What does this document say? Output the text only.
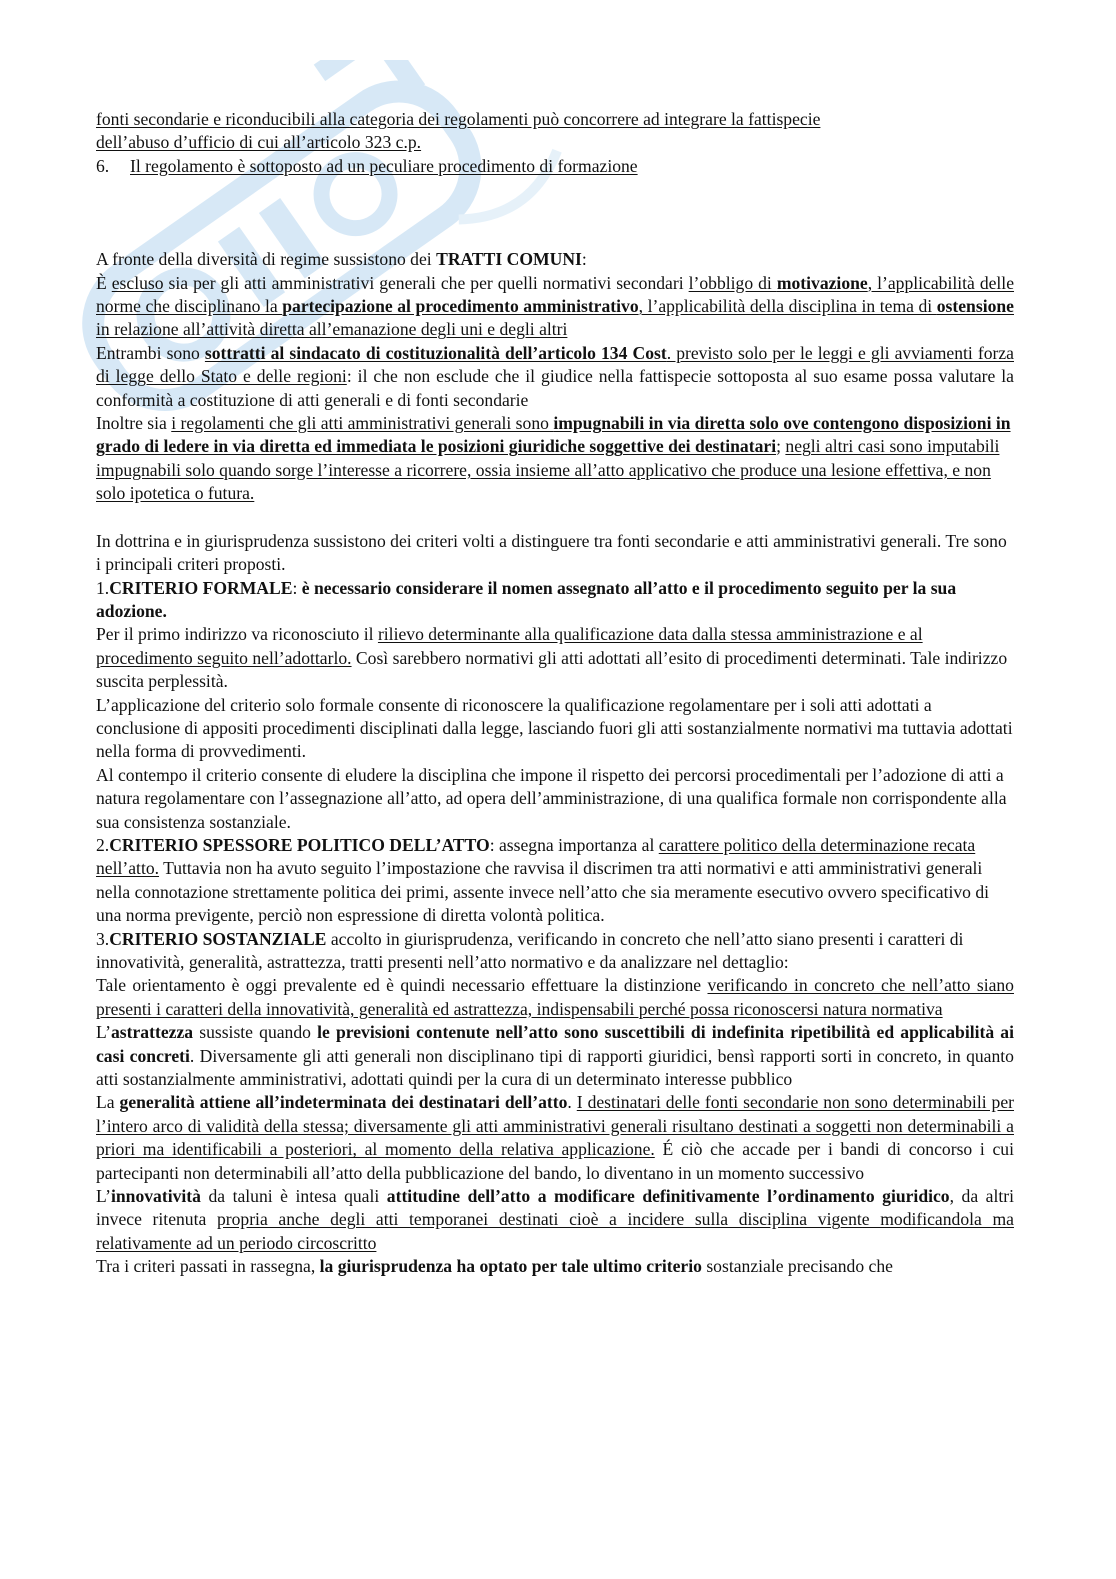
fonti secondarie e riconducibili alla categoria dei regolamenti può concorrere ad integrare la fattispecie

dell’abuso d’ufficio di cui all’articolo 323 c.p.

6. Il regolamento è sottoposto ad un peculiare procedimento di formazione

A fronte della diversità di regime sussistono dei TRATTI COMUNI:

È escluso sia per gli atti amministrativi generali che per quelli normativi secondari l’obbligo di motivazione, l’applicabilità delle norme che disciplinano la partecipazione al procedimento amministrativo, l’applicabilità della disciplina in tema di ostensione in relazione all’attività diretta all’emanazione degli uni e degli altri

Entrambi sono sottratti al sindacato di costituzionalità dell’articolo 134 Cost. previsto solo per le leggi e gli avviamenti forza di legge dello Stato e delle regioni: il che non esclude che il giudice nella fattispecie sottoposta al suo esame possa valutare la conformità a costituzione di atti generali e di fonti secondarie

Inoltre sia i regolamenti che gli atti amministrativi generali sono impugnabili in via diretta solo ove contengono disposizioni in grado di ledere in via diretta ed immediata le posizioni giuridiche soggettive dei destinatari; negli altri casi sono imputabili impugnabili solo quando sorge l’interesse a ricorrere, ossia insieme all’atto applicativo che produce una lesione effettiva, e non solo ipotetica o futura.

In dottrina e in giurisprudenza sussistono dei criteri volti a distinguere tra fonti secondarie e atti amministrativi generali. Tre sono i principali criteri proposti.

1.CRITERIO FORMALE: è necessario considerare il nomen assegnato all’atto e il procedimento seguito per la sua adozione.

Per il primo indirizzo va riconosciuto il rilievo determinante alla qualificazione data dalla stessa amministrazione e al procedimento seguito nell’adottarlo. Così sarebbero normativi gli atti adottati all’esito di procedimenti determinati. Tale indirizzo suscita perplessità.

L’applicazione del criterio solo formale consente di riconoscere la qualificazione regolamentare per i soli atti adottati a conclusione di appositi procedimenti disciplinati dalla legge, lasciando fuori gli atti sostanzialmente normativi ma tuttavia adottati nella forma di provvedimenti.

Al contempo il criterio consente di eludere la disciplina che impone il rispetto dei percorsi procedimentali per l’adozione di atti a natura regolamentare con l’assegnazione all’atto, ad opera dell’amministrazione, di una qualifica formale non corrispondente alla sua consistenza sostanziale.

2.CRITERIO SPESSORE POLITICO DELL’ATTO: assegna importanza al carattere politico della determinazione recata nell’atto. Tuttavia non ha avuto seguito l’impostazione che ravvisa il discrimen tra atti normativi e atti amministrativi generali nella connotazione strettamente politica dei primi, assente invece nell’atto che sia meramente esecutivo ovvero specificativo di una norma previgente, perciò non espressione di diretta volontà politica.

3.CRITERIO SOSTANZIALE accolto in giurisprudenza, verificando in concreto che nell’atto siano presenti i caratteri di innovatività, generalità, astrattezza, tratti presenti nell’atto normativo e da analizzare nel dettaglio:

Tale orientamento è oggi prevalente ed è quindi necessario effettuare la distinzione verificando in concreto che nell’atto siano presenti i caratteri della innovatività, generalità ed astrattezza, indispensabili perché possa riconoscersi natura normativa

L’astrattezza sussiste quando le previsioni contenute nell’atto sono suscettibili di indefinita ripetibilità ed applicabilità ai casi concreti. Diversamente gli atti generali non disciplinano tipi di rapporti giuridici, bensì rapporti sorti in concreto, in quanto atti sostanzialmente amministrativi, adottati quindi per la cura di un determinato interesse pubblico

La generalità attiene all’indeterminata dei destinatari dell’atto. I destinatari delle fonti secondarie non sono determinabili per l’intero arco di validità della stessa; diversamente gli atti amministrativi generali risultano destinati a soggetti non determinabili a priori ma identificabili a posteriori, al momento della relativa applicazione. É ciò che accade per i bandi di concorso i cui partecipanti non determinabili all’atto della pubblicazione del bando, lo diventano in un momento successivo

L’innovatività da taluni è intesa quali attitudine dell’atto a modificare definitivamente l’ordinamento giuridico, da altri invece ritenuta propria anche degli atti temporanei destinati cioè a incidere sulla disciplina vigente modificandola ma relativamente ad un periodo circoscritto

Tra i criteri passati in rassegna, la giurisprudenza ha optato per tale ultimo criterio sostanziale precisando che
